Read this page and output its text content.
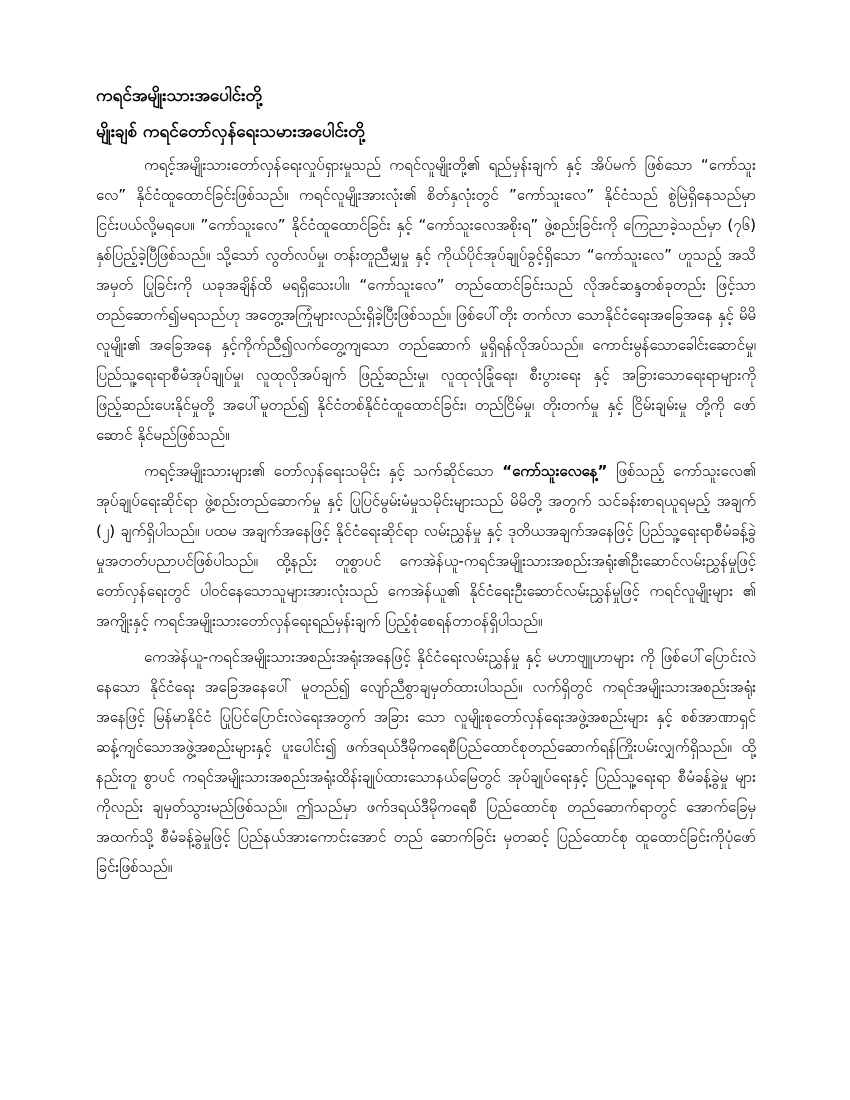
ကရင်အမျိုးသားအပေါင်းတို့

မျိုးချစ် ကရင်တော်လှန်ရေးသမားအပေါင်းတို့

ကရင့်အမျိုးသားတော်လှန်ရေးလှုပ်ရှားမှုသည် ကရင်လူမျိုးတို့၏ ရည်မှန်းချက် နှင့် အိပ်မက် ဖြစ်သော “ကော်သူးလေ” နိုင်ငံထူထောင်ခြင်းဖြစ်သည်။ ကရင်လူမျိုးအားလုံး၏ စိတ်နှလုံးတွင် ”ကော်သူးလေ” နိုင်ငံသည် စွဲမြဲရှိနေသည်မှာ ငြင်းပယ်လို့မရပေ။ ”ကော်သူးလေ” နိုင်ငံထူထောင်ခြင်း နှင့် “ကော်သူးလေအစိုးရ” ဖွဲ့စည်းခြင်းကို ကြေညာခဲ့သည်မှာ (၇၆) နှစ်ပြည့်ခဲ့ပြီဖြစ်သည်။ သို့သော် လွတ်လပ်မှု၊ တန်းတူညီမျှမှု နှင့် ကိုယ်ပိုင်အုပ်ချုပ်ခွင့်ရှိသော “ကော်သူးလေ” ဟူသည့် အသိအမှတ် ပြုခြင်းကို ယခုအချိန်ထိ မရရှိသေးပါ။ “ကော်သူးလေ” တည်ထောင်ခြင်းသည် လိုအင်ဆန္ဒတစ်ခုတည်း ဖြင့်သာ တည်ဆောက်၍မရသည်ဟု အတွေ့အကြုံများလည်းရှိခဲ့ပြီးဖြစ်သည်။ ဖြစ်ပေါ်တိုး တက်လာ သောနိုင်ငံရေးအခြေအနေ နှင့် မိမိလူမျိုး၏ အခြေအနေ နှင့်ကိုက်ညီ၍လက်တွေ့ကျသော တည်ဆောက် မှုရှိရန်လိုအပ်သည်။ ကောင်းမွန်သောခေါင်းဆောင်မှု၊ ပြည်သူ့ရေးရာစီမံအုပ်ချုပ်မှု၊ လူထုလိုအပ်ချက် ဖြည့်ဆည်းမှု၊ လူထုလုံခြုံရေး၊ စီးပွားရေး နှင့် အခြားသောရေးရာများကို ဖြည့်ဆည်းပေးနိုင်မှုတို့ အပေါ်မူတည်၍ နိုင်ငံတစ်နိုင်ငံထူထောင်ခြင်း၊ တည်ငြိမ်မှု၊ တိုးတက်မှု နှင့် ငြိမ်းချမ်းမှု တို့ကို ဖော်ဆောင် နိုင်မည်ဖြစ်သည်။

ကရင့်အမျိုးသားများ၏ တော်လှန်ရေးသမိုင်း နှင့် သက်ဆိုင်သော “ကော်သူးလေနေ့” ဖြစ်သည့် ကော်သူးလေ၏ အုပ်ချုပ်ရေးဆိုင်ရာ ဖွဲ့စည်းတည်ဆောက်မှု နှင့် ပြုပြင်မွမ်းမံမှုသမိုင်းများသည် မိမိတို့ အတွက် သင်ခန်းစာရယူရမည့် အချက် (၂) ချက်ရှိပါသည်။ ပထမ အချက်အနေဖြင့် နိုင်ငံရေးဆိုင်ရာ လမ်းညွှန်မှု နှင့် ဒုတိယအချက်အနေဖြင့် ပြည်သူ့ရေးရာစီမံခန့်ခွဲမှုအတတ်ပညာပင်ဖြစ်ပါသည်။ ထို့နည်း တူစွာပင် ကေအဲန်ယူ-ကရင်အမျိုးသားအစည်းအရုံး၏ဦးဆောင်လမ်းညွှန်မှုဖြင့် တော်လှန်ရေးတွင် ပါဝင်နေသောသူများအားလုံးသည် ကေအဲန်ယူ၏ နိုင်ငံရေးဦးဆောင်လမ်းညွှန်မှုဖြင့် ကရင်လူမျိုးများ ၏ အကျိုးနှင့် ကရင်အမျိုးသားတော်လှန်ရေးရည်မှန်းချက် ပြည့်စုံစေရန်တာဝန်ရှိပါသည်။

ကေအဲန်ယူ-ကရင်အမျိုးသားအစည်းအရုံးအနေဖြင့် နိုင်ငံရေးလမ်းညွှန်မှု နှင့် မဟာဗျူဟာများ ကို ဖြစ်ပေါ်ပြောင်းလဲနေသော နိုင်ငံရေး အခြေအနေပေါ် မူတည်၍ လျော်ညီစွာချမှတ်ထားပါသည်။ လက်ရှိတွင် ကရင်အမျိုးသားအစည်းအရုံးအနေဖြင့် မြန်မာနိုင်ငံ ပြုပြင်ပြောင်းလဲရေးအတွက် အခြား သော လူမျိုးစုတော်လှန်ရေးအဖွဲ့အစည်းများ နှင့် စစ်အာဏာရှင်ဆန့်ကျင်သောအဖွဲ့အစည်းများနှင့် ပူးပေါင်း၍ ဖက်ဒရယ်ဒီမိုကရေစီပြည်ထောင်စုတည်ဆောက်ရန်ကြိုးပမ်းလျှက်ရှိသည်။ ထို့နည်းတူ စွာပင် ကရင်အမျိုးသားအစည်းအရုံးထိန်းချုပ်ထားသောနယ်မြေတွင် အုပ်ချုပ်ရေးနှင့် ပြည်သူ့ရေးရာ စီမံခန့်ခွဲမှု များကိုလည်း ချမှတ်သွားမည်ဖြစ်သည်။ ဤသည်မှာ ဖက်ဒရယ်ဒီမိုကရေစီ ပြည်ထောင်စု တည်ဆောက်ရာတွင် အောက်ခြေမှ အထက်သို့ စီမံခန့်ခွဲမှုဖြင့် ပြည်နယ်အားကောင်းအောင် တည် ဆောက်ခြင်း မှတဆင့် ပြည်ထောင်စု ထူထောင်ခြင်းကိုပုံဖော်ခြင်းဖြစ်သည်။
